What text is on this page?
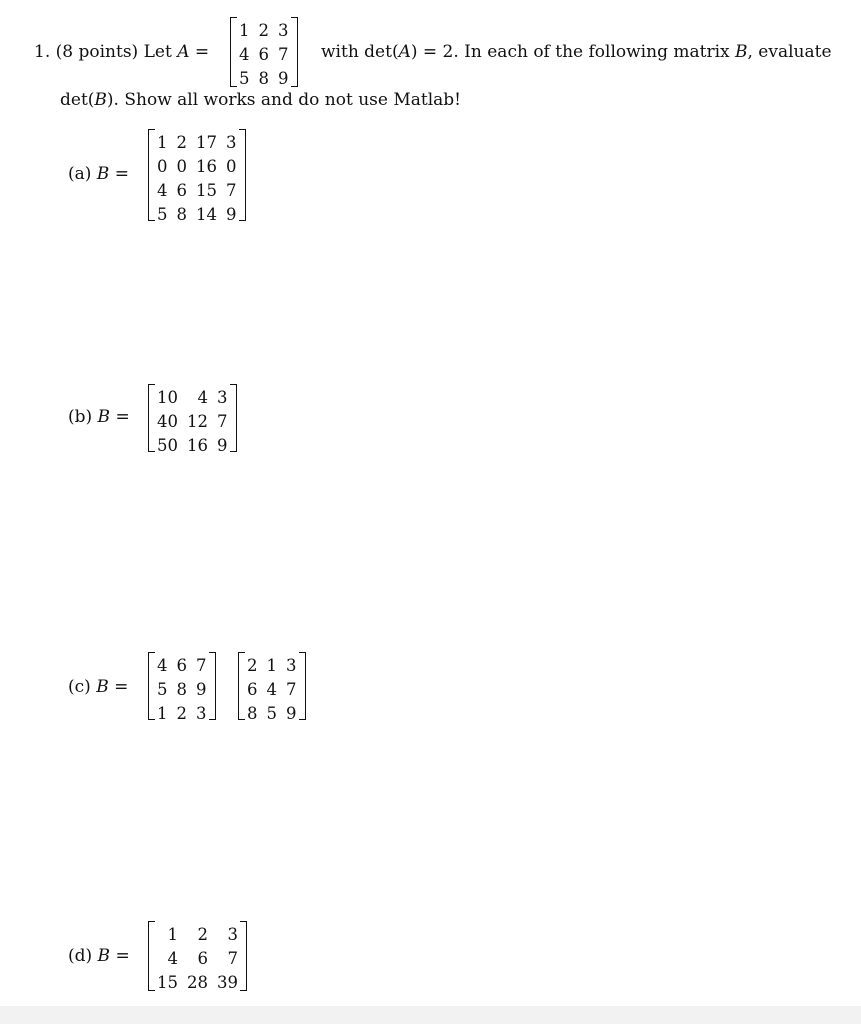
1. (8 points) Let A =
1 2 3
4 6 7
5 8 9
with det(A) = 2. In each of the following matrix B, evaluate
det(B). Show all works and do not use Matlab!
(a) B =
1 2 17 3
0 0 16 0
4 6 15 7
5 8 14 9
(b) B =
10	4 3
40 12 7
50 16 9
(c) B =
4 6 7
5 8 9
1 2 3
2 1 3
6 4 7
8 5 9
(d) B =
1	2	3
4	6	7
15 28 39
